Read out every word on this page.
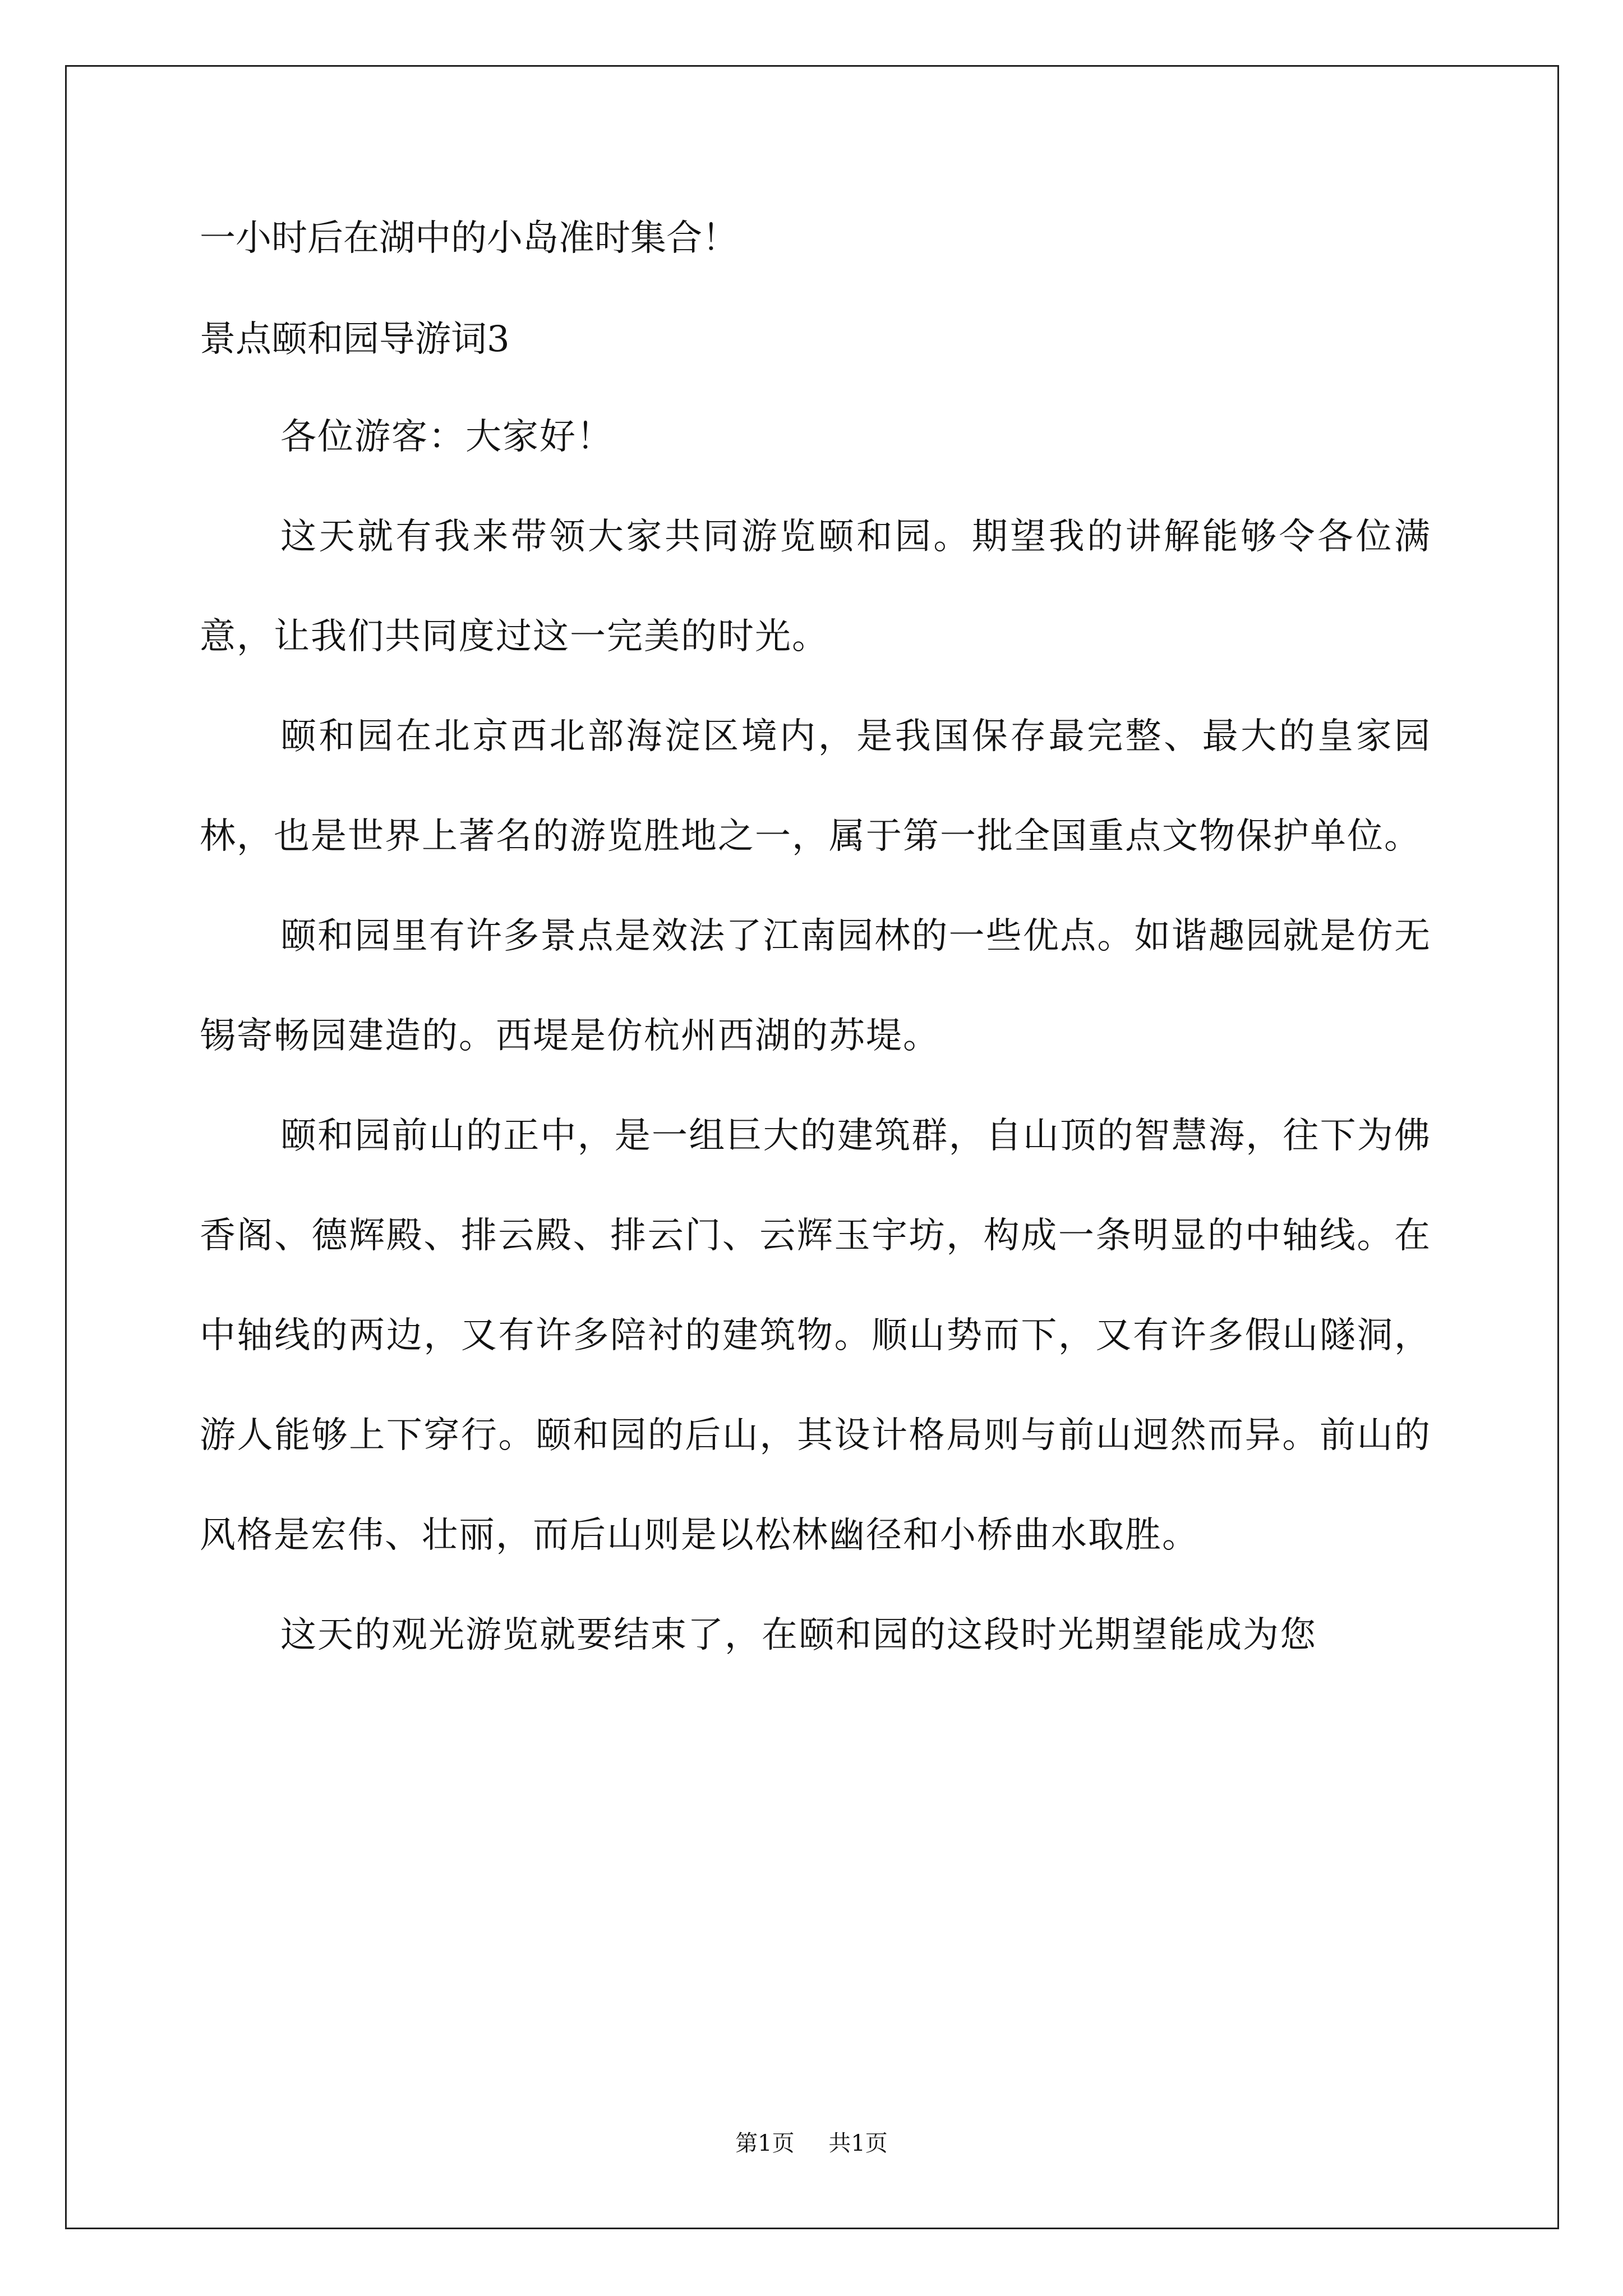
一小时后在湖中的小岛准时集合！

景点颐和园导游词3

各位游客：大家好！

这天就有我来带领大家共同游览颐和园。期望我的讲解能够令各位满意，让我们共同度过这一完美的时光。

颐和园在北京西北部海淀区境内，是我国保存最完整、最大的皇家园林，也是世界上著名的游览胜地之一，属于第一批全国重点文物保护单位。

颐和园里有许多景点是效法了江南园林的一些优点。如谐趣园就是仿无锡寄畅园建造的。西堤是仿杭州西湖的苏堤。

颐和园前山的正中，是一组巨大的建筑群，自山顶的智慧海，往下为佛香阁、德辉殿、排云殿、排云门、云辉玉宇坊，构成一条明显的中轴线。在中轴线的两边，又有许多陪衬的建筑物。顺山势而下，又有许多假山隧洞，游人能够上下穿行。颐和园的后山，其设计格局则与前山迥然而异。前山的风格是宏伟、壮丽，而后山则是以松林幽径和小桥曲水取胜。

这天的观光游览就要结束了，在颐和园的这段时光期望能成为您

第1页 共1页
